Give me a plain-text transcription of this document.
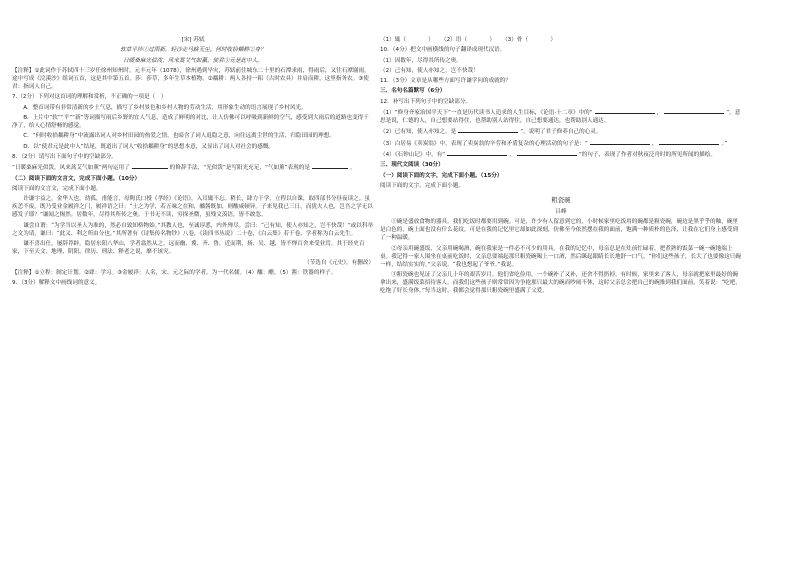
[宋] 苏轼

软草平莎①过雨新，轻沙走马路无尘。何时收拾耦耕②身？

日暖桑麻光似泼，风来蒿艾气如薰。使君③元是此中人。

【注释】①此词作于苏轼四十三岁任徐州知州时。元丰元年（1078），徐州遇到旱灾，苏轼前往城东二十里的石潭求雨，得雨后，又往石潭谢雨，途中写成《浣溪沙》组词五首，这是其中第五首。莎：莎草，多年生草本植物。②耦耕：两人各持一耜（古时农具）并肩而耕，这里指务农。③使君：指词人自己。

7.（2分）下列对这首词的理解和赏析，不正确的一项是（　）

A．整首词带有非常清新的乡土气息，描写了乡村景色和乡村人物的劳动生活，用形象生动的语言展现了乡村风光。

B．上片中“软”“平”“新”等词描写雨后乡野的宜人气息，造成了鲜明的对比，让人仿佛可以呼吸到新鲜的空气，感受到大雨后的道路也变得干净了，给人心情舒畅的感觉。

C．“何时收拾耦耕身”中流露出词人对乡村田园的热爱之情，也暗含了词人退隐之意，向往远离尘世的生活，归隐田园的理想。

D．以“使君元是此中人”结尾，既道出了词人“收拾耦耕身”的思想本意，又显出了词人对社会的感慨。

8．（2分）请写出下面句子中的空缺部分。

“日暖桑麻光似泼，风来蒿艾气如薰”两句运用了	的修辞手法，“光似泼”是写阳光充足，“气如薰”表现的是	。

（二）阅读下面的文言文，完成下面小题。（10分）

阅读下面的文言文，完成下面小题。

许谦字益之，金华人也。幼孤，甫能言，母陶氏口授《孝经》《论语》，入耳辄不忘。稍长，肆力于学，立程以自课，取四部书分昼夜读之。虽疾恙不废。既乃受业金履祥之门，履祥语之曰：“士之为学，若五味之在和，醯酱既加，则酸咸顿异。子来见我已三日，而犹夫人也，岂吾之学无以感发子耶？”谦闻之惕然。居数年，尽得其所传之奥。于书无不读，穷探圣微，虽残文羡语，皆不敢忽。

谦尝自谓：“为学当以圣人为准的，然必自致知格物始。”其教人也，至诚谆悉，内外殚尽。尝曰：“己有知，使人亦知之，岂不快哉！”或以科举之文为请，谦曰：“此义、利之所由分也。”其所著有《诗集传名物钞》八卷，《读四书丛说》二十卷，《白云集》若干卷，学者称为白云先生。

谦不喜出仕，屡辞荐辟。隐居东阳八华山，学者翕然从之。远而幽、冀、齐、鲁，近而荆、扬、吴、越，皆不惮百舍来受业焉。其于经史百家，下至天文、地理、阴阳、律历、刑法、释老之说，靡不该究。

（节选自《元史》，有删改）

【注释】①立程：制定计划。②肆：学习。③金履祥：人名，宋、元之际的学者，为一代名儒。（4）醯：醋。（5）酱：铁器的样子。

9．（3分）解释文中画线词的意义。

（1）辄（　　　　） （2）语（　　　　） （3）骨（　　　　）

10．（4分）把文中画横线的句子翻译成现代汉语。

（1）因数年，尽得其所传之奥。

（2）己有知，使人亦知之，岂不快哉！

11．（3分）文章是从哪些方面写许谦学问的成就的？

三、名句名篇默写（6分）

12．补写出下列句子中的空缺部分。

（1）“修身齐家治国平天下”一直是历代读书人追求的人生目标，《论语·十二章》中的“	，	”，意思是说，仁德的人，自己想要站得住，也帮助别人站得住，自己想要通达，也帮助别人通达。

（2）已有知，使人亦知之。是	”，说明了君子修养自己的心灵。

（3）白居易《卖炭翁》中，表现了卖炭翁的辛劳和矛盾复杂的心理活动的句子是：“	，	。”

（4）《石钟山记》中，有“	，	”的句子，表现了作者对秋夜泛舟时的所见所闻的描绘。

三、现代文阅读（30分）

（一）阅读下面的文字，完成下面小题。（15分）

阅读下面的文字，完成下面小题。

粗瓷碗

吕峰

①碗是盛放食物的器具。我们吃饭时都要用到碗。可是，许少有人留意到它的，小时候家里吃饭用的碗都是粗瓷碗，碗边是黑乎乎的釉，碗里是白色的，碗上面也没有什么花纹。可是在我的记忆里它却如此深刻，仿佛至今依然摆在我的面前，饱满一种质朴的色泽，让我在它们身上感受到了一种温暖。

②母亲用碗盛饭，父亲用碗喝酒，碗在我家是一件必不可少的用具。在我的记忆中，母亲总是在灶前忙碌着，把煮熟的饭菜一碗一碗地端上桌。我记得一家人围坐在桌前吃饭时，父亲总要端起那只粗瓷碗喝上一口酒，然后眯起眼睛长长地舒一口气。“你们这些孩子，长大了也要像这只碗一样，结结实实的。”父亲说。“我也想起了爷爷。”我说。

③粗瓷碗也见证了父亲几十年的艰苦岁月。他们省吃俭用，一个碗补了又补，还舍不得扔掉。有时候，家里来了客人，母亲就把家里最好的碗拿出来，盛满饭菜招待客人。而我们这些孩子则常常因为争抢那只最大的碗而吵闹不休，这时父亲总会把自己的碗推到我们面前，笑着说：“吃吧，吃饱了好长身体。”每当这时，我都会觉得那只粗瓷碗里盛满了父爱。
